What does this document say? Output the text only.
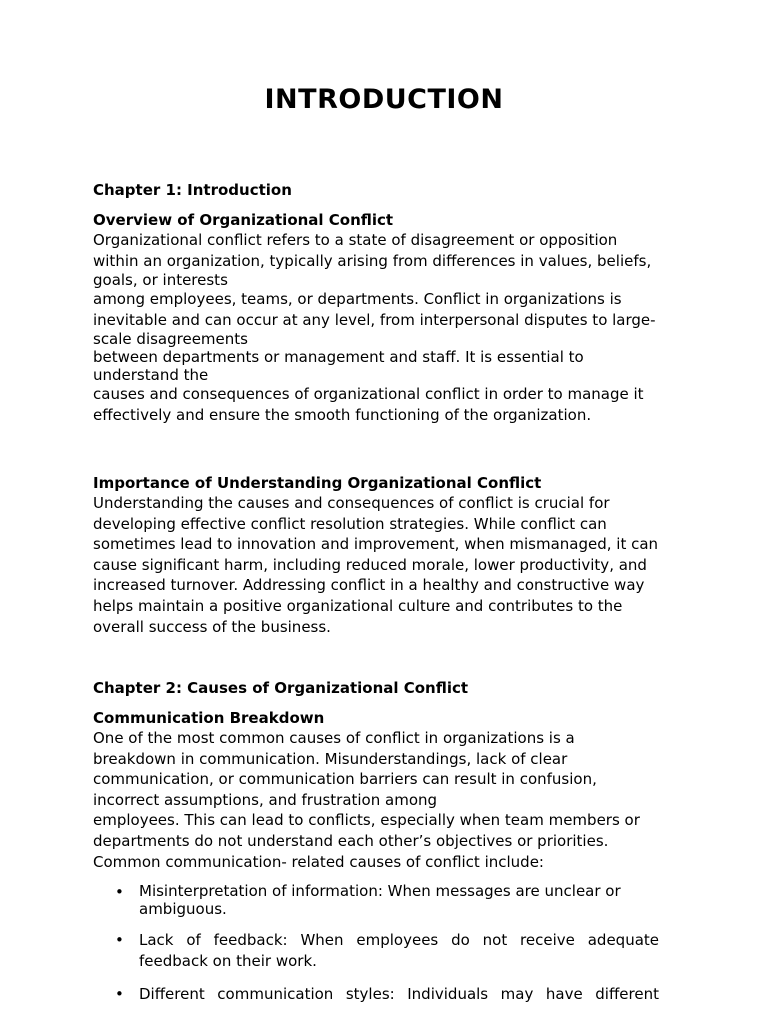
INTRODUCTION

Chapter 1: Introduction

Overview of Organizational Conflict

Organizational conflict refers to a state of disagreement or opposition
within an organization, typically arising from differences in values, beliefs,
goals, or interests
among employees, teams, or departments. Conflict in organizations is
inevitable and can occur at any level, from interpersonal disputes to large-
scale disagreements
between departments or management and staff. It is essential to
understand the
causes and consequences of organizational conflict in order to manage it
effectively and ensure the smooth functioning of the organization.

Importance of Understanding Organizational Conflict

Understanding the causes and consequences of conflict is crucial for
developing effective conflict resolution strategies. While conflict can
sometimes lead to innovation and improvement, when mismanaged, it can
cause significant harm, including reduced morale, lower productivity, and
increased turnover. Addressing conflict in a healthy and constructive way
helps maintain a positive organizational culture and contributes to the
overall success of the business.

Chapter 2: Causes of Organizational Conflict

Communication Breakdown

One of the most common causes of conflict in organizations is a
breakdown in communication. Misunderstandings, lack of clear
communication, or communication barriers can result in confusion,
incorrect assumptions, and frustration among
employees. This can lead to conflicts, especially when team members or
departments do not understand each other’s objectives or priorities.
Common communication- related causes of conflict include:
• Misinterpretation of information: When messages are unclear or
ambiguous.
• Lack of feedback: When employees do not receive adequate
feedback on their work.
• Different communication styles: Individuals may have different
